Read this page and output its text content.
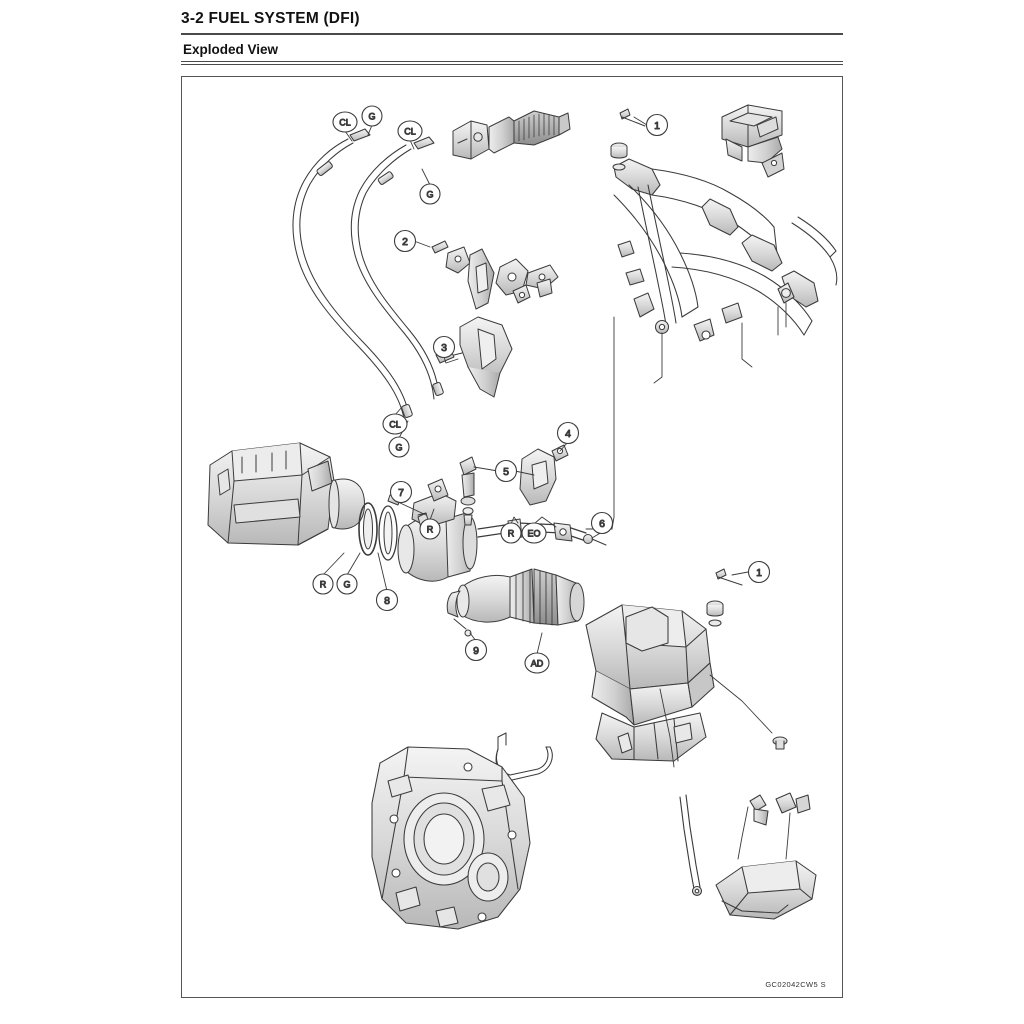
3-2 FUEL SYSTEM (DFI)
Exploded View
1
2
3
4
5
6
7
8
9
1
CL
G
CL
G
CL
G
R G
R	R EO
AD
GC02042CW5 S
